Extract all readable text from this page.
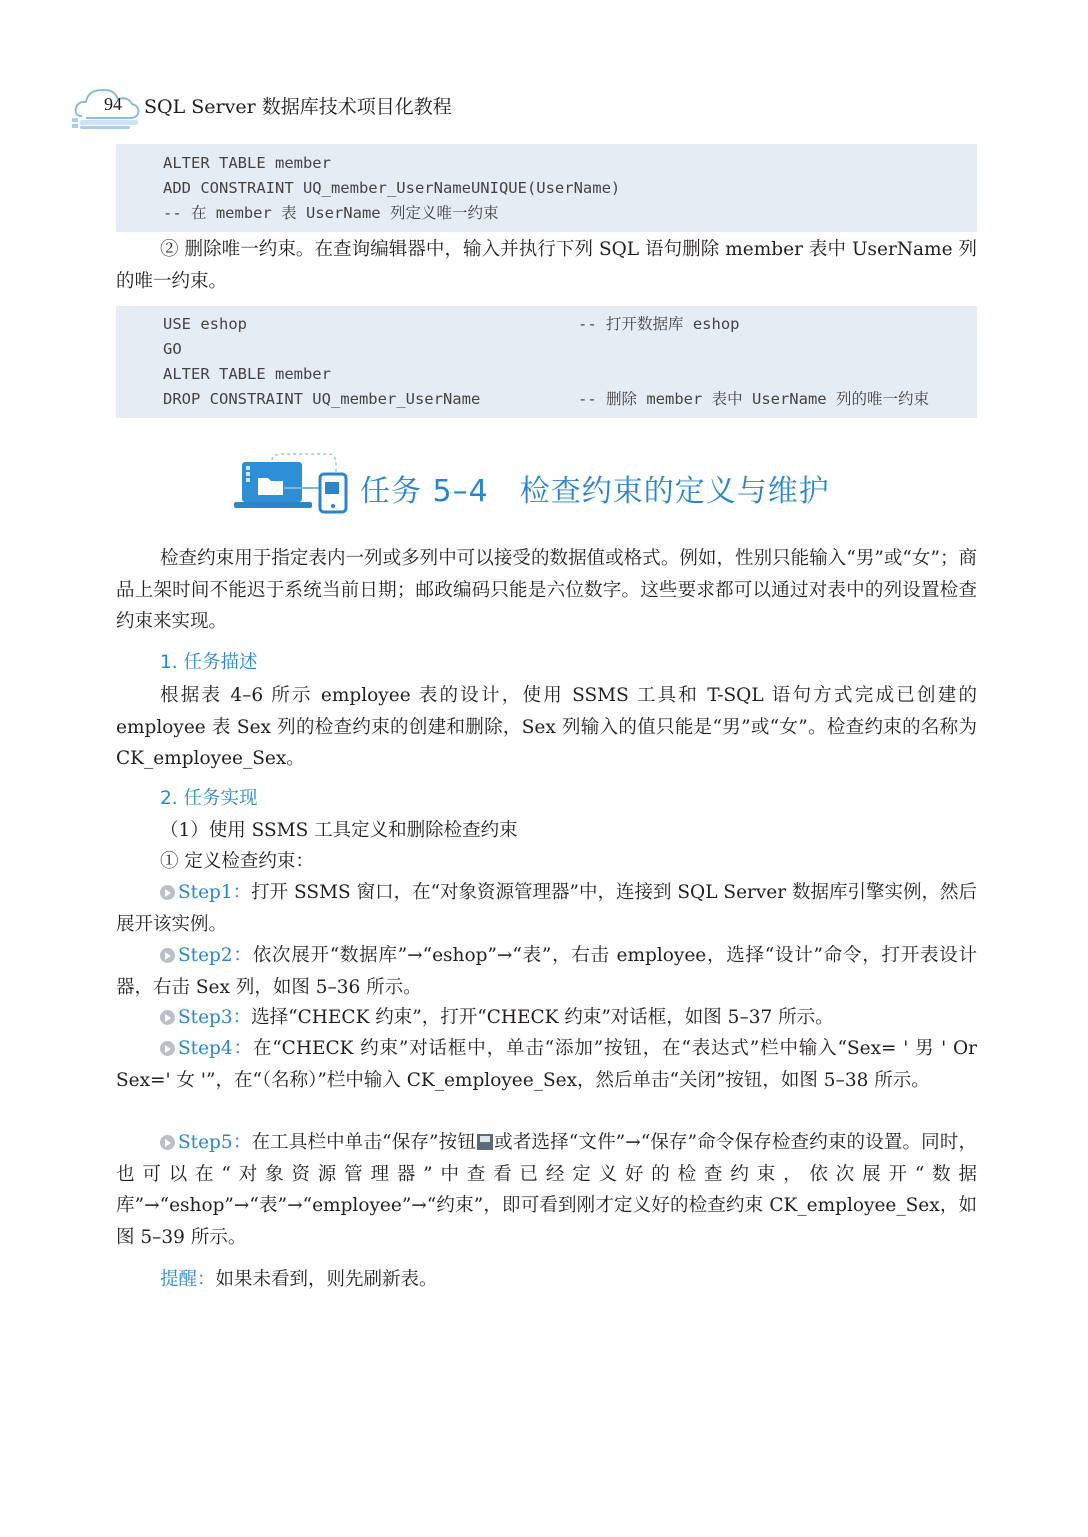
94	SQL Server 数据库技术项目化教程
ALTER TABLE member
ADD CONSTRAINT UQ_member_UserNameUNIQUE(UserName)
-- 在 member 表 UserName 列定义唯一约束
② 删除唯一约束。在查询编辑器中，输入并执行下列 SQL 语句删除 member 表中 UserName 列的唯一约束。
USE eshop	-- 打开数据库 eshop
GO
ALTER TABLE member
DROP CONSTRAINT UQ_member_UserName	-- 删除 member 表中 UserName 列的唯一约束
任务 5–4　检查约束的定义与维护
检查约束用于指定表内一列或多列中可以接受的数据值或格式。例如，性别只能输入“男”或“女”；商品上架时间不能迟于系统当前日期；邮政编码只能是六位数字。这些要求都可以通过对表中的列设置检查约束来实现。
1. 任务描述
根据表 4–6 所示 employee 表的设计，使用 SSMS 工具和 T-SQL 语句方式完成已创建的 employee 表 Sex 列的检查约束的创建和删除，Sex 列输入的值只能是“男”或“女”。检查约束的名称为 CK_employee_Sex。
2. 任务实现
（1）使用 SSMS 工具定义和删除检查约束
① 定义检查约束：
Step1：打开 SSMS 窗口，在“对象资源管理器”中，连接到 SQL Server 数据库引擎实例，然后展开该实例。
Step2：依次展开“数据库”→“eshop”→“表”，右击 employee，选择“设计”命令，打开表设计器，右击 Sex 列，如图 5–36 所示。
Step3：选择“CHECK 约束”，打开“CHECK 约束”对话框，如图 5–37 所示。
Step4：在“CHECK 约束”对话框中，单击“添加”按钮，在“表达式”栏中输入“Sex= ' 男 ' Or Sex=' 女 '”，在“（名称）”栏中输入 CK_employee_Sex，然后单击“关闭”按钮，如图 5–38 所示。
Step5：在工具栏中单击“保存”按钮 或者选择“文件”→“保存”命令保存检查约束的设置。同时，也可以在“对象资源管理器”中查看已经定义好的检查约束，依次展开“数据库”→“eshop”→“表”→“employee”→“约束”，即可看到刚才定义好的检查约束 CK_employee_Sex，如图 5–39 所示。
提醒：如果未看到，则先刷新表。
